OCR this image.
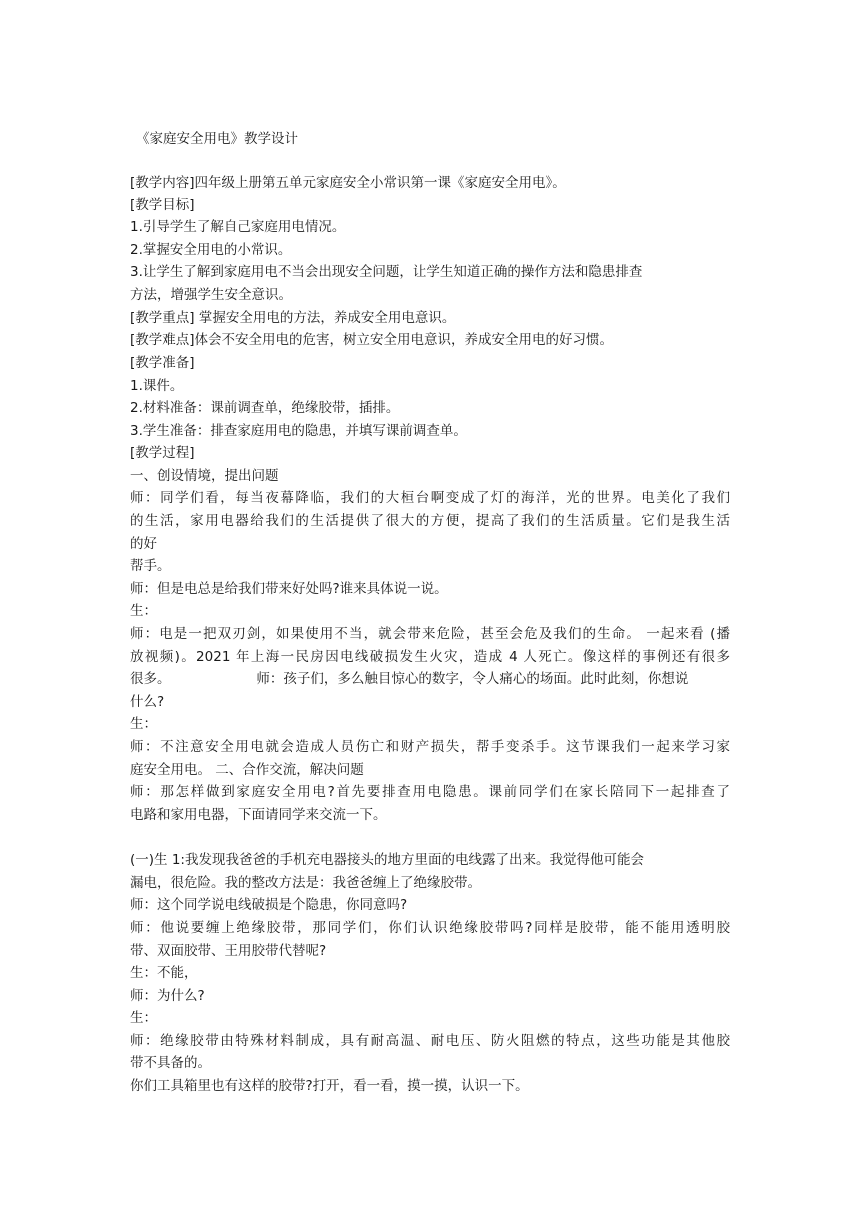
《家庭安全用电》教学设计

[教学内容]四年级上册第五单元家庭安全小常识第一课《家庭安全用电》。

[教学目标]

1.引导学生了解自己家庭用电情况。

2.掌握安全用电的小常识。

3.让学生了解到家庭用电不当会出现安全问题，让学生知道正确的操作方法和隐患排查

方法，增强学生安全意识。

[教学重点] 掌握安全用电的方法，养成安全用电意识。

[教学难点]体会不安全用电的危害，树立安全用电意识，养成安全用电的好习惯。

[教学准备]

1.课件。

2.材料准备：课前调查单，绝缘胶带，插排。

3.学生准备：排查家庭用电的隐患，并填写课前调查单。

[教学过程]

一、创设情境，提出问题

师：同学们看，每当夜幕降临，我们的大桓台啊变成了灯的海洋，光的世界。电美化了我们

的生活，家用电器给我们的生活提供了很大的方便，提高了我们的生活质量。它们是我生活

的好

帮手。

师：但是电总是给我们带来好处吗?谁来具体说一说。

生：

师：电是一把双刃剑，如果使用不当，就会带来危险，甚至会危及我们的生命。 一起来看 (播

放视频)。2021 年上海一民房因电线破损发生火灾，造成 4 人死亡。像这样的事例还有很多

很多。                    师：孩子们，多么触目惊心的数字，令人痛心的场面。此时此刻，你想说

什么?

生：

师：不注意安全用电就会造成人员伤亡和财产损失，帮手变杀手。这节课我们一起来学习家

庭安全用电。 二、合作交流，解决问题

师：那怎样做到家庭安全用电?首先要排查用电隐患。课前同学们在家长陪同下一起排查了

电路和家用电器，下面请同学来交流一下。

(一)生 1:我发现我爸爸的手机充电器接头的地方里面的电线露了出来。我觉得他可能会

漏电，很危险。我的整改方法是：我爸爸缠上了绝缘胶带。

师：这个同学说电线破损是个隐患，你同意吗?

师：他说要缠上绝缘胶带，那同学们，你们认识绝缘胶带吗?同样是胶带，能不能用透明胶

带、双面胶带、王用胶带代替呢?

生：不能，

师：为什么?

生：

师：绝缘胶带由特殊材料制成，具有耐高温、耐电压、防火阻燃的特点，这些功能是其他胶

带不具备的。

你们工具箱里也有这样的胶带?打开，看一看，摸一摸，认识一下。
